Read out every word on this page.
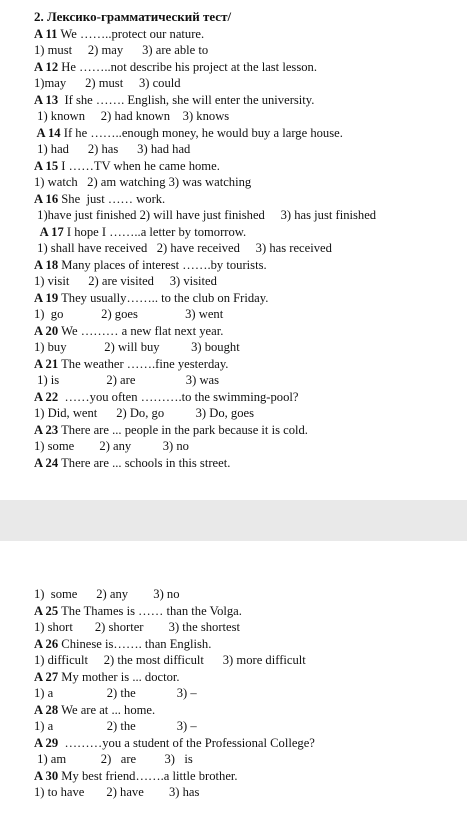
2. Лексико-грамматический тест/
A 11 We ……..protect our nature.
1) must     2) may      3) are able to
A 12 He ……..not describe his project at the last lesson.
1)may      2) must     3) could
A 13  If she ……. English, she will enter the university.
1) known     2) had known    3) knows
A 14 If he ……..enough money, he would buy a large house.
1) had      2) has      3) had had
A 15 I ……TV when he came home.
1) watch   2) am watching 3) was watching
A 16 She  just …… work.
1)have just finished 2) will have just finished     3) has just finished
A 17 I hope I ……..a letter by tomorrow.
1) shall have received   2) have received     3) has received
A 18 Many places of interest …….by tourists.
1) visit      2) are visited     3) visited
A 19 They usually…….. to the club on Friday.
1)  go            2) goes               3) went
A 20 We ……… a new flat next year.
1) buy            2) will buy          3) bought
A 21 The weather …….fine yesterday.
1) is               2) are                3) was
A 22  ……you often ……….to the swimming-pool?
1) Did, went      2) Do, go          3) Do, goes
A 23 There are ... people in the park because it is cold.
1) some        2) any          3) no
A 24 There are ... schools in this street.
1)  some      2) any        3) no
A 25 The Thames is …… than the Volga.
1) short       2) shorter        3) the shortest
A 26 Chinese is……. than English.
1) difficult     2) the most difficult      3) more difficult
A 27 My mother is ... doctor.
1) a                 2) the             3) –
A 28 We are at ... home.
1) a                 2) the             3) –
A 29  ………you a student of the Professional College?
1) am           2)   are         3)   is
A 30 My best friend…….a little brother.
1) to have       2) have        3) has
